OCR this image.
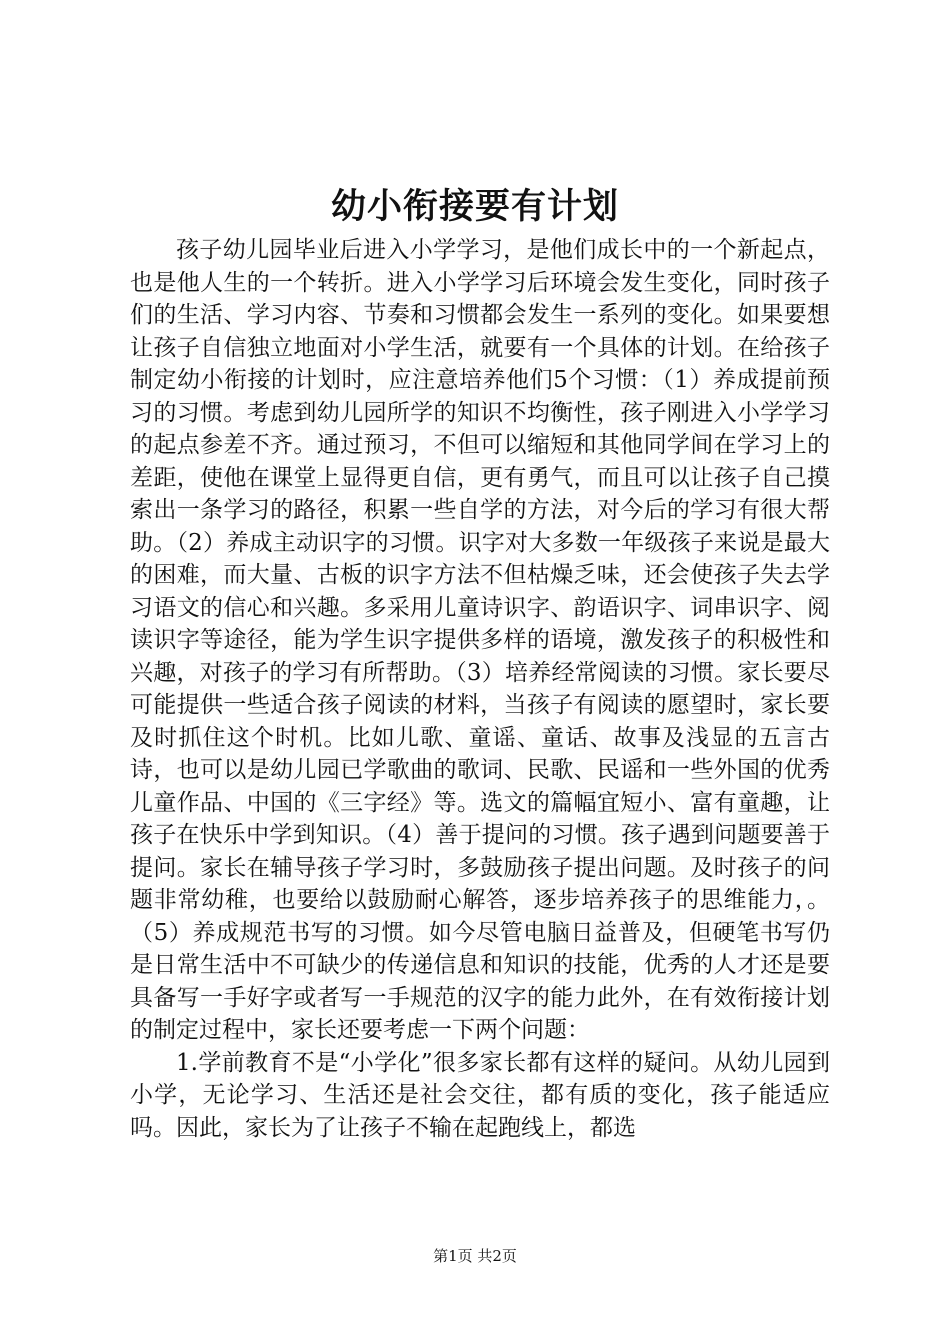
幼小衔接要有计划

孩子幼儿园毕业后进入小学学习，是他们成长中的一个新起点，也是他人生的一个转折。进入小学学习后环境会发生变化，同时孩子们的生活、学习内容、节奏和习惯都会发生一系列的变化。如果要想让孩子自信独立地面对小学生活，就要有一个具体的计划。在给孩子制定幼小衔接的计划时，应注意培养他们5个习惯：（1）养成提前预习的习惯。考虑到幼儿园所学的知识不均衡性，孩子刚进入小学学习的起点参差不齐。通过预习，不但可以缩短和其他同学间在学习上的差距，使他在课堂上显得更自信，更有勇气，而且可以让孩子自己摸索出一条学习的路径，积累一些自学的方法，对今后的学习有很大帮助。（2）养成主动识字的习惯。识字对大多数一年级孩子来说是最大的困难，而大量、古板的识字方法不但枯燥乏味，还会使孩子失去学习语文的信心和兴趣。多采用儿童诗识字、韵语识字、词串识字、阅读识字等途径，能为学生识字提供多样的语境，激发孩子的积极性和兴趣，对孩子的学习有所帮助。（3）培养经常阅读的习惯。家长要尽可能提供一些适合孩子阅读的材料，当孩子有阅读的愿望时，家长要及时抓住这个时机。比如儿歌、童谣、童话、故事及浅显的五言古诗，也可以是幼儿园已学歌曲的歌词、民歌、民谣和一些外国的优秀儿童作品、中国的《三字经》等。选文的篇幅宜短小、富有童趣，让孩子在快乐中学到知识。（4）善于提问的习惯。孩子遇到问题要善于提问。家长在辅导孩子学习时，多鼓励孩子提出问题。及时孩子的问题非常幼稚，也要给以鼓励耐心解答，逐步培养孩子的思维能力，。（5）养成规范书写的习惯。如今尽管电脑日益普及，但硬笔书写仍是日常生活中不可缺少的传递信息和知识的技能，优秀的人才还是要具备写一手好字或者写一手规范的汉字的能力此外，在有效衔接计划的制定过程中，家长还要考虑一下两个问题：

1.学前教育不是“小学化”很多家长都有这样的疑问。从幼儿园到小学，无论学习、生活还是社会交往，都有质的变化，孩子能适应吗。因此，家长为了让孩子不输在起跑线上，都选

第1页 共2页
